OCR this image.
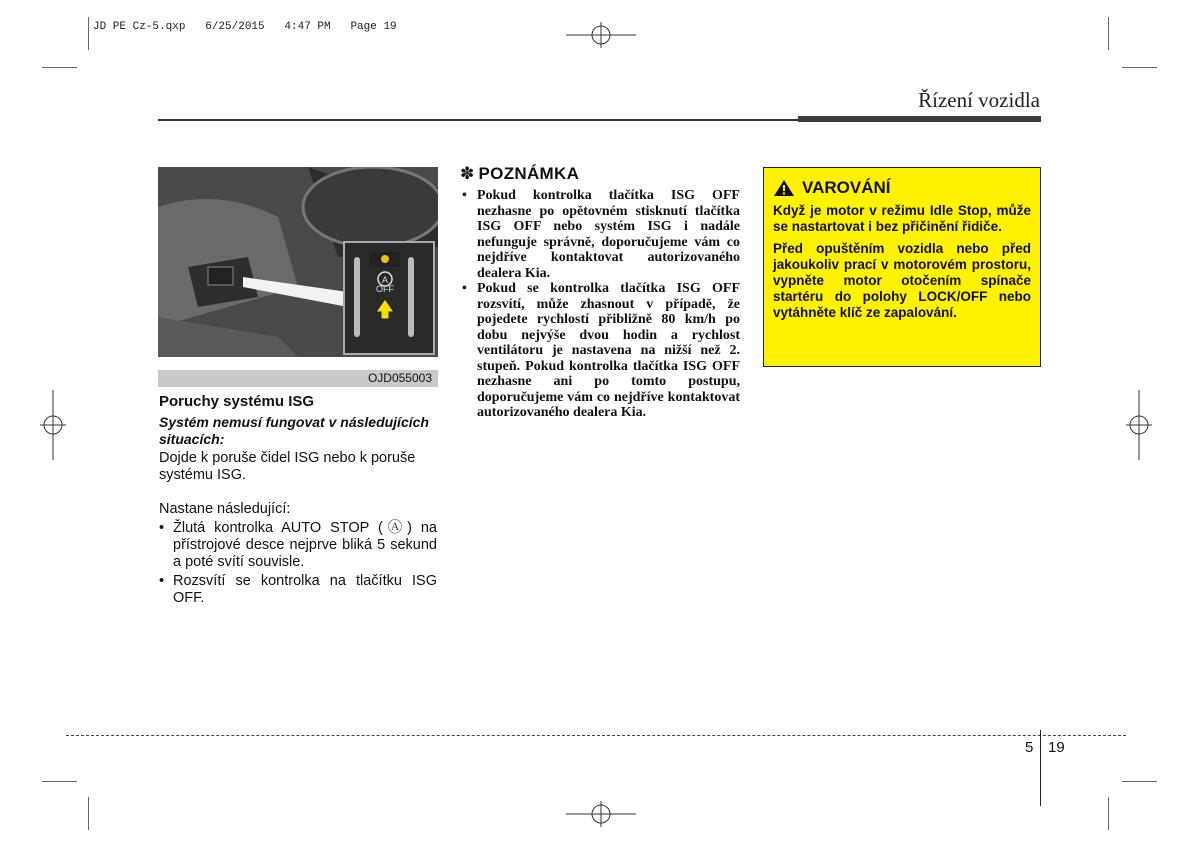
JD PE Cz-5.qxp   6/25/2015   4:47 PM   Page 19
Řízení vozidla
A
OFF
OJD055003
Poruchy systému ISG
Systém nemusí fungovat v následujících situacích:
Dojde k poruše čidel ISG nebo k poruše systému ISG.
Nastane následující:
• Žlutá kontrolka AUTO STOP (Ⓐ) na přístrojové desce nejprve bliká 5 sekund a poté svítí souvisle.
• Rozsvítí se kontrolka na tlačítku ISG OFF.
✽ POZNÁMKA
• Pokud kontrolka tlačítka ISG OFF nezhasne po opětovném stisknutí tlačítka ISG OFF nebo systém ISG i nadále nefunguje správně, doporučujeme vám co nejdříve kontaktovat autorizovaného dealera Kia.
• Pokud se kontrolka tlačítka ISG OFF rozsvítí, může zhasnout v případě, že pojedete rychlostí přibližně 80 km/h po dobu nejvýše dvou hodin a rychlost ventilátoru je nastavena na nižší než 2. stupeň. Pokud kontrolka tlačítka ISG OFF nezhasne ani po tomto postupu, doporučujeme vám co nejdříve kontaktovat autorizovaného dealera Kia.
VAROVÁNÍ

Když je motor v režimu Idle Stop, může se nastartovat i bez přičinění řidiče.

Před opuštěním vozidla nebo před jakoukoliv prací v motorovém prostoru, vypněte motor otočením spínače startéru do polohy LOCK/OFF nebo vytáhněte klíč ze zapalování.

5 19
